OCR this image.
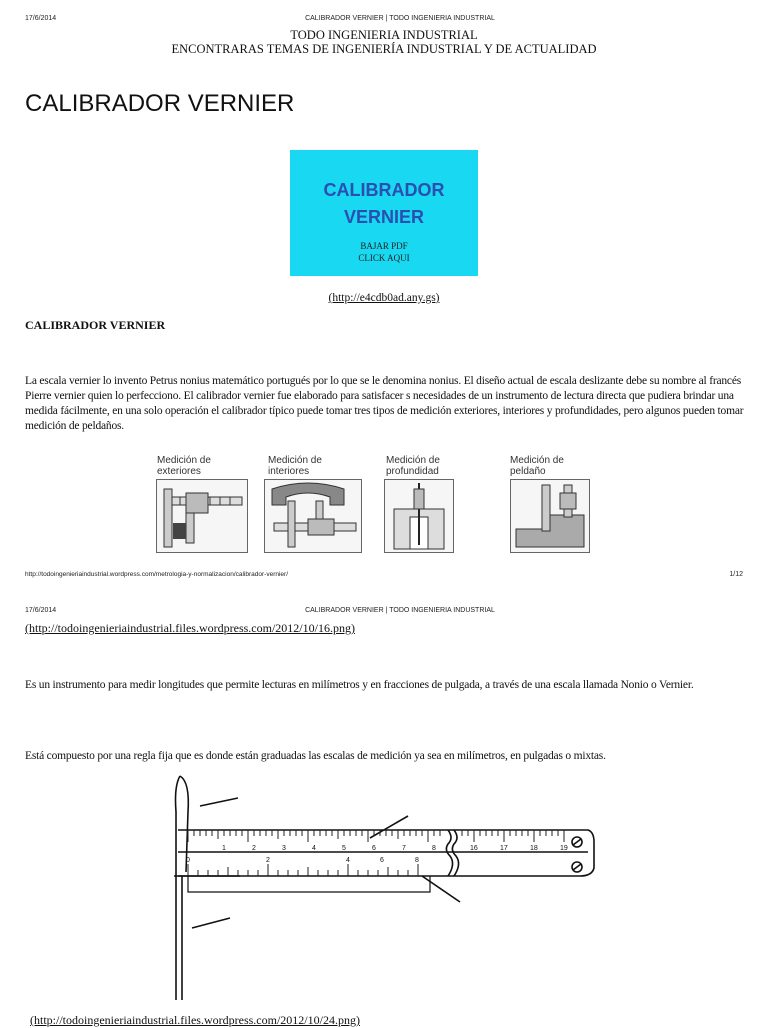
17/6/2014	CALIBRADOR VERNIER | TODO INGENIERIA INDUSTRIAL
TODO INGENIERIA INDUSTRIAL
ENCONTRARAS TEMAS DE INGENIERÍA INDUSTRIAL Y DE ACTUALIDAD
CALIBRADOR VERNIER
CALIBRADOR
VERNIER
BAJAR PDF
CLICK AQUI
(http://e4cdb0ad.any.gs)
CALIBRADOR VERNIER
La escala vernier lo invento Petrus nonius matemático portugués por lo que se le denomina nonius. El diseño actual de escala deslizante debe su nombre al francés Pierre vernier quien lo perfecciono. El calibrador vernier fue elaborado para satisfacer s necesidades de un instrumento de lectura directa que pudiera brindar una medida fácilmente, en una solo operación el calibrador típico puede tomar tres tipos de medición exteriores, interiores y profundidades, pero algunos pueden tomar medición de peldaños.
Medición de
exteriores
Medición de
interiores
Medición de
profundidad
Medición de
peldaño
http://todoingenieriaindustrial.wordpress.com/metrologia-y-normalizacion/calibrador-vernier/	1/12
17/6/2014	CALIBRADOR VERNIER | TODO INGENIERIA INDUSTRIAL
(http://todoingenieriaindustrial.files.wordpress.com/2012/10/16.png)
Es un instrumento para medir longitudes que permite lecturas en milímetros y en fracciones de pulgada, a través de una escala llamada Nonio o Vernier.
Está compuesto por una regla fija que es donde están graduadas las escalas de medición ya sea en milímetros, en pulgadas o mixtas.
1	2	3	4	5	6	7	8	16	17	18	19
0	2	4	6	8
(http://todoingenieriaindustrial.files.wordpress.com/2012/10/24.png)
